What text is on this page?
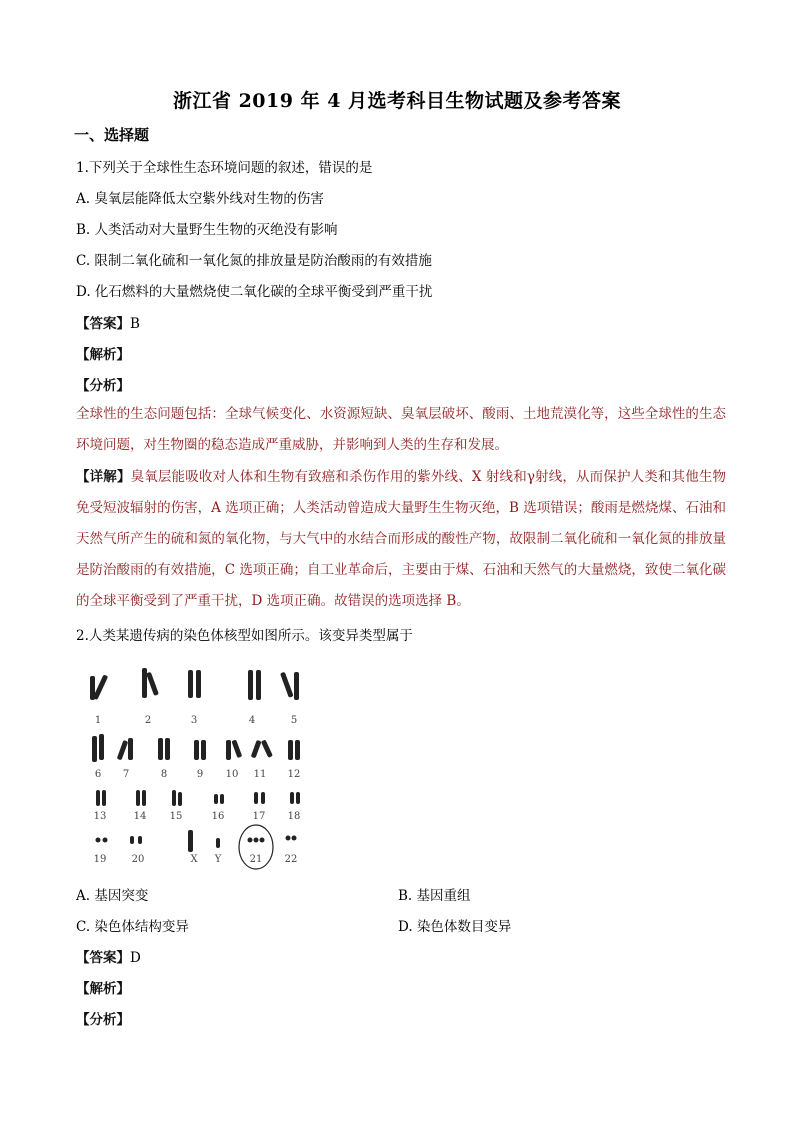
浙江省 2019 年 4 月选考科目生物试题及参考答案
一、选择题
1.下列关于全球性生态环境问题的叙述，错误的是
A. 臭氧层能降低太空紫外线对生物的伤害
B. 人类活动对大量野生生物的灭绝没有影响
C. 限制二氧化硫和一氧化氮的排放量是防治酸雨的有效措施
D. 化石燃料的大量燃烧使二氧化碳的全球平衡受到严重干扰
【答案】B
【解析】
【分析】
全球性的生态问题包括：全球气候变化、水资源短缺、臭氧层破坏、酸雨、土地荒漠化等，这些全球性的生态环境问题，对生物圈的稳态造成严重威胁，并影响到人类的生存和发展。
【详解】臭氧层能吸收对人体和生物有致癌和杀伤作用的紫外线、X 射线和γ射线，从而保护人类和其他生物免受短波辐射的伤害，A 选项正确；人类活动曾造成大量野生生物灭绝，B 选项错误；酸雨是燃烧煤、石油和天然气所产生的硫和氮的氧化物，与大气中的水结合而形成的酸性产物，故限制二氧化硫和一氧化氮的排放量是防治酸雨的有效措施，C 选项正确；自工业革命后，主要由于煤、石油和天然气的大量燃烧，致使二氧化碳的全球平衡受到了严重干扰，D 选项正确。故错误的选项选择 B。
2.人类某遗传病的染色体核型如图所示。该变异类型属于
1	2	3	4	5
6 7	8	9 10 11 12
13	14 15	16	17 18
19	20	X Y	21 22
A. 基因突变	B. 基因重组
C. 染色体结构变异	D. 染色体数目变异
【答案】D
【解析】
【分析】
